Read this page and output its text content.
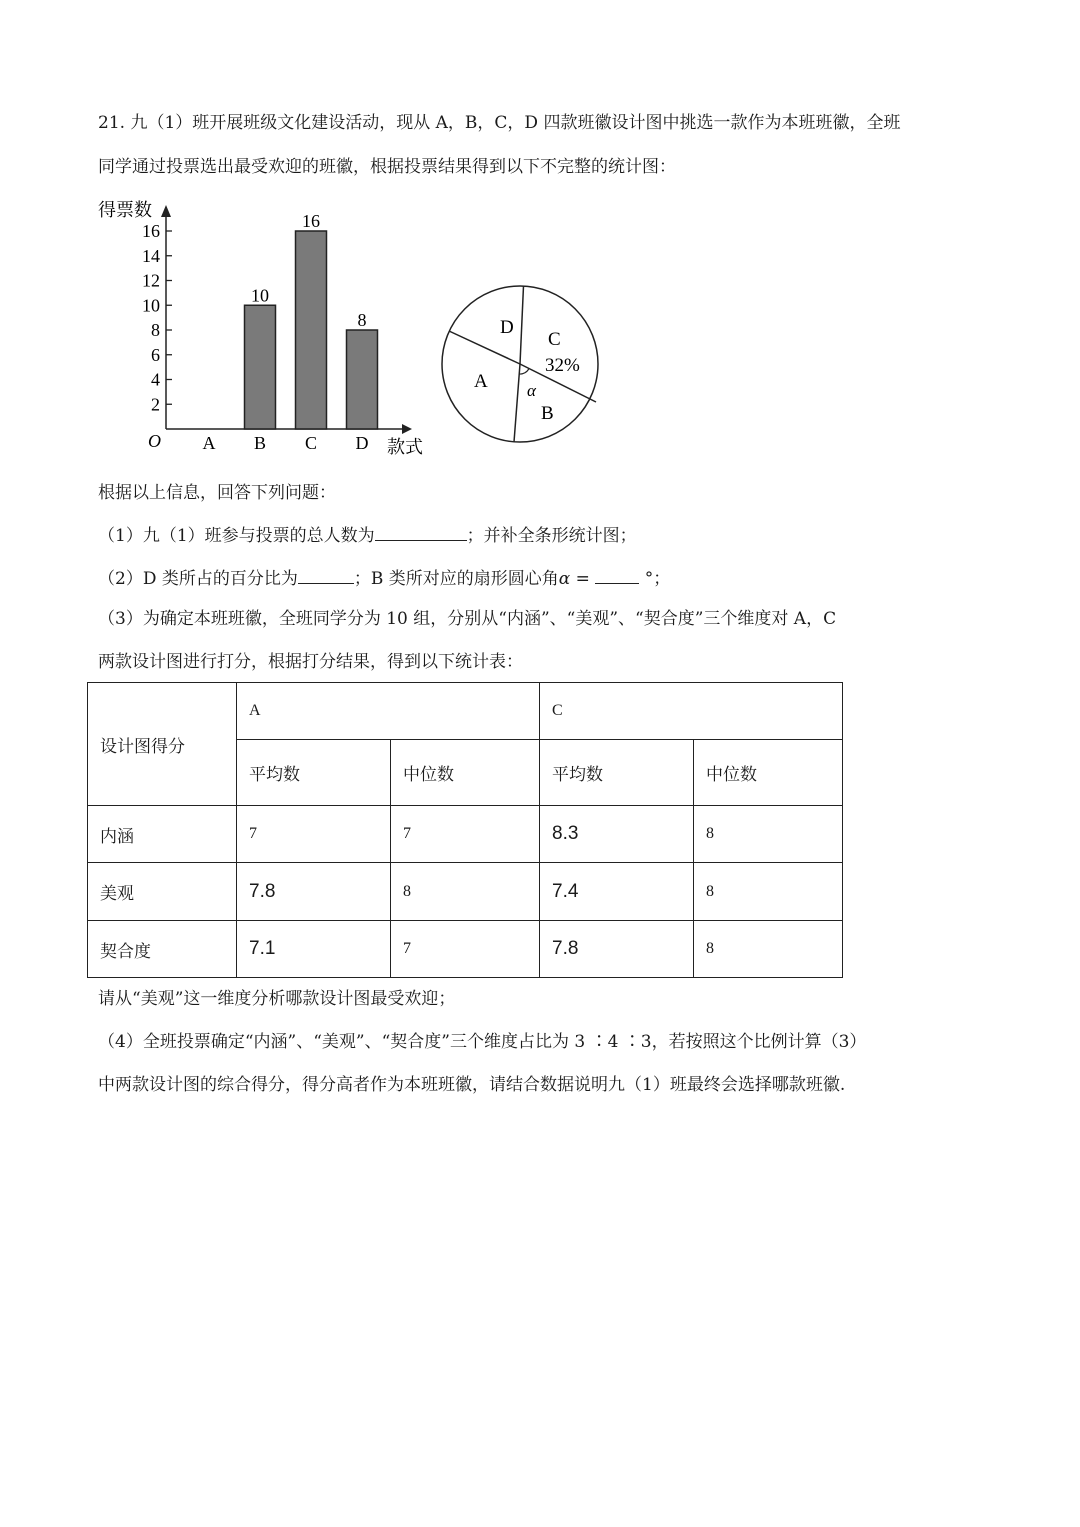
21. 九（1）班开展班级文化建设活动，现从 A，B，C，D 四款班徽设计图中挑选一款作为本班班徽，全班
同学通过投票选出最受欢迎的班徽，根据投票结果得到以下不完整的统计图：
得票数
款式
O
2
4
6
8
10
12
14
16
10
16
8
A B C D
C
32%
B
A
D
α
根据以上信息，回答下列问题：
（1）九（1）班参与投票的总人数为	；并补全条形统计图；
（2）D 类所占的百分比为	；B 类所对应的扇形圆心角α =	°；
（3）为确定本班班徽，全班同学分为 10 组，分别从“内涵”、“美观”、“契合度”三个维度对 A，C
两款设计图进行打分，根据打分结果，得到以下统计表：
设计图得分	A		C	
	平均数	中位数	平均数	中位数
内涵	7	7	8.3	8
美观	7.8	8	7.4	8
契合度	7.1	7	7.8	8
请从“美观”这一维度分析哪款设计图最受欢迎；
（4）全班投票确定“内涵”、“美观”、“契合度”三个维度占比为 3 ∶4 ∶3，若按照这个比例计算（3）
中两款设计图的综合得分，得分高者作为本班班徽，请结合数据说明九（1）班最终会选择哪款班徽.
